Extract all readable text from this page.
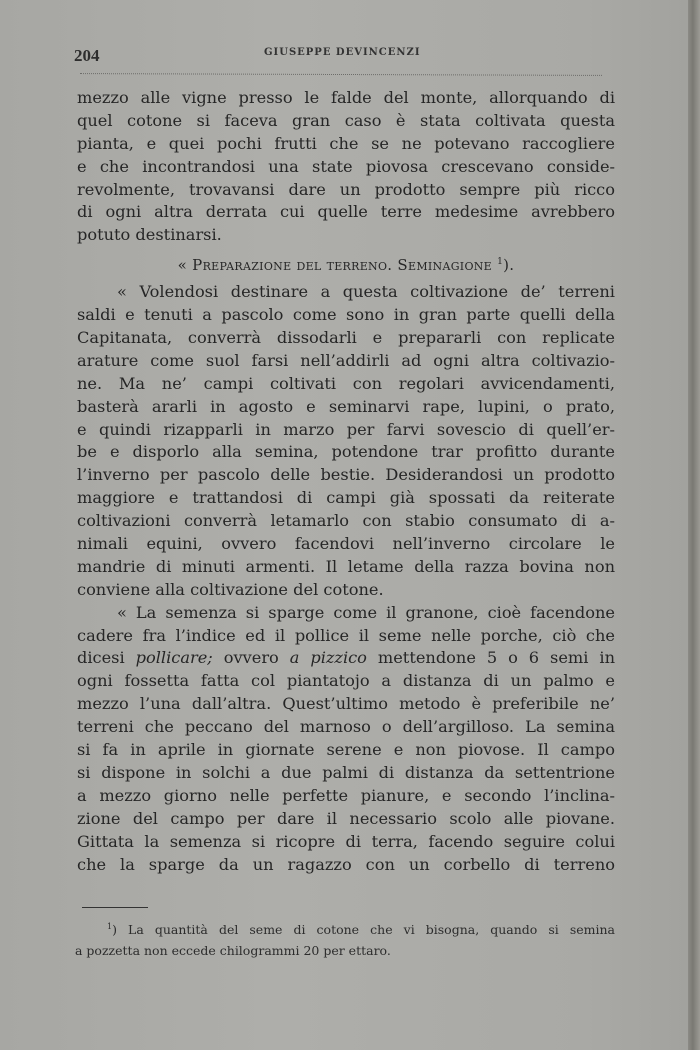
204	GIUSEPPE DEVINCENZI
mezzo alle vigne presso le falde del monte, allorquando di
quel cotone si faceva gran caso è stata coltivata questa
pianta, e quei pochi frutti che se ne potevano raccogliere
e che incontrandosi una state piovosa crescevano conside-
revolmente, trovavansi dare un prodotto sempre più ricco
di ogni altra derrata cui quelle terre medesime avrebbero
potuto destinarsi.
« Preparazione del terreno. Seminagione $^1$).
« Volendosi destinare a questa coltivazione de’ terreni
saldi e tenuti a pascolo come sono in gran parte quelli della
Capitanata, converrà dissodarli e prepararli con replicate
arature come suol farsi nell’addirli ad ogni altra coltivazio-
ne. Ma ne’ campi coltivati con regolari avvicendamenti,
basterà ararli in agosto e seminarvi rape, lupini, o prato,
e quindi rizapparli in marzo per farvi sovescio di quell’er-
be e disporlo alla semina, potendone trar profitto durante
l’inverno per pascolo delle bestie. Desiderandosi un prodotto
maggiore e trattandosi di campi già spossati da reiterate
coltivazioni converrà letamarlo con stabio consumato di a-
nimali equini, ovvero facendovi nell’inverno circolare le
mandrie di minuti armenti. Il letame della razza bovina non
conviene alla coltivazione del cotone.
« La semenza si sparge come il granone, cioè facendone
cadere fra l’indice ed il pollice il seme nelle porche, ciò che
dicesi pollicare; ovvero a pizzico mettendone 5 o 6 semi in
ogni fossetta fatta col piantatojo a distanza di un palmo e
mezzo l’una dall’altra. Quest’ultimo metodo è preferibile ne’
terreni che peccano del marnoso o dell’argilloso. La semina
si fa in aprile in giornate serene e non piovose. Il campo
si dispone in solchi a due palmi di distanza da settentrione
a mezzo giorno nelle perfette pianure, e secondo l’inclina-
zione del campo per dare il necessario scolo alle piovane.
Gittata la semenza si ricopre di terra, facendo seguire colui
che la sparge da un ragazzo con un corbello di terreno
$^1$) La quantità del seme di cotone che vi bisogna, quando si semina
a pozzetta non eccede chilogrammi 20 per ettaro.
